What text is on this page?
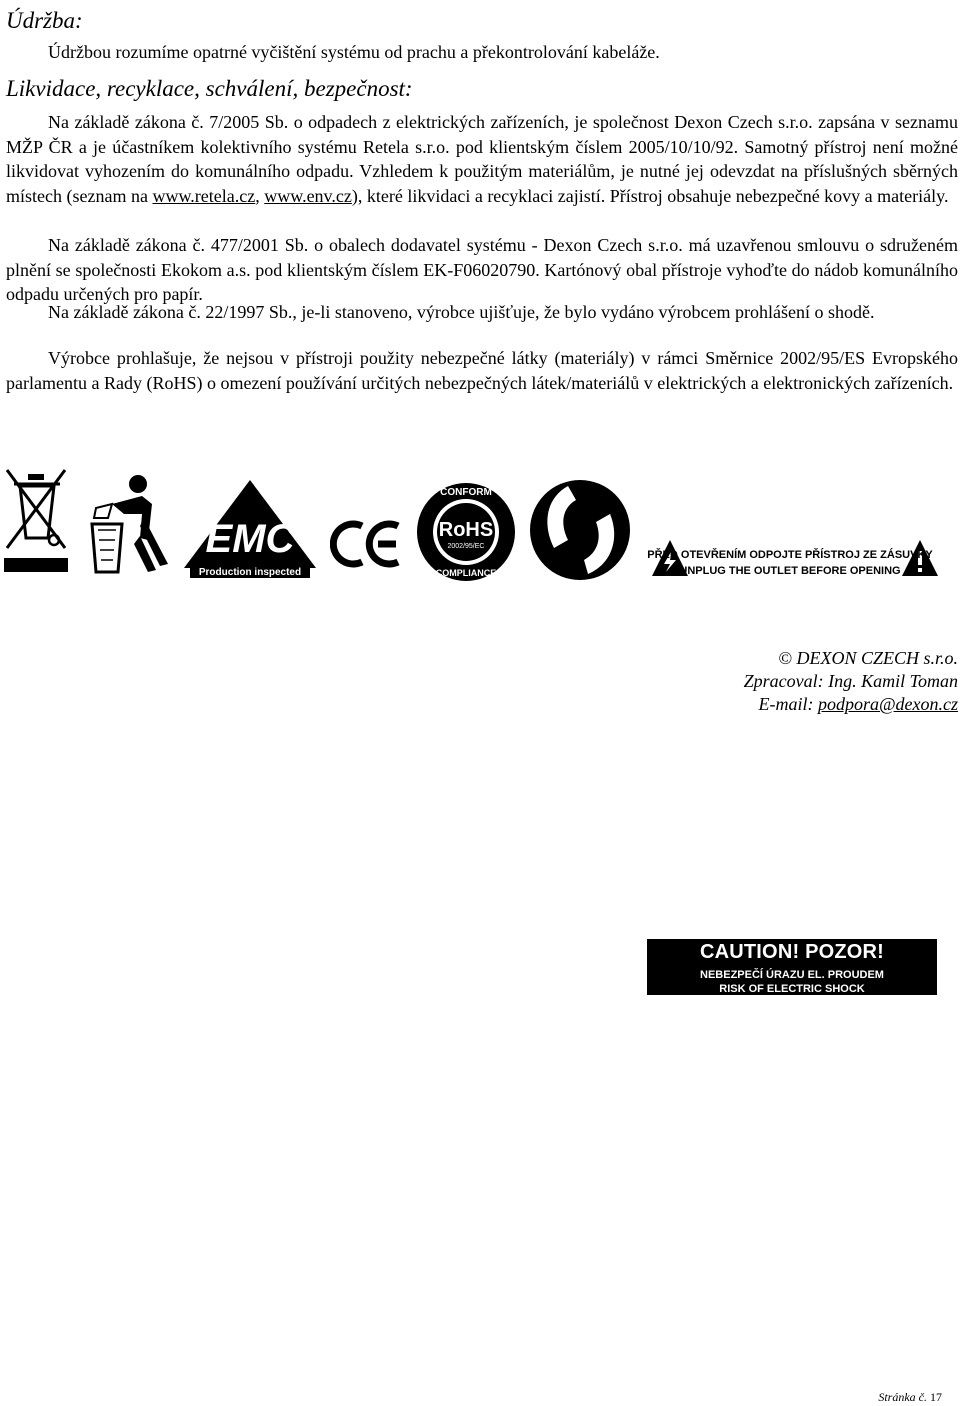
Údržba:

Údržbou rozumíme opatrné vyčištění systému od prachu a překontrolování kabeláže.

Likvidace, recyklace, schválení, bezpečnost:

Na základě zákona č. 7/2005 Sb. o odpadech z elektrických zařízeních, je společnost Dexon Czech s.r.o. zapsána v seznamu MŽP ČR a je účastníkem kolektivního systému Retela s.r.o. pod klientským číslem 2005/10/10/92. Samotný přístroj není možné likvidovat vyhozením do komunálního odpadu. Vzhledem k použitým materiálům, je nutné jej odevzdat na příslušných sběrných místech (seznam na www.retela.cz, www.env.cz), které likvidaci a recyklaci zajistí. Přístroj obsahuje nebezpečné kovy a materiály.

Na základě zákona č. 477/2001 Sb. o obalech dodavatel systému - Dexon Czech s.r.o. má uzavřenou smlouvu o sdruženém plnění se společnosti Ekokom a.s. pod klientským číslem EK-F06020790. Kartónový obal přístroje vyhoďte do nádob komunálního odpadu určených pro papír.

Na základě zákona č. 22/1997 Sb., je-li stanoveno, výrobce ujišťuje, že bylo vydáno výrobcem prohlášení o shodě.

Výrobce prohlašuje, že nejsou v přístroji použity nebezpečné látky (materiály) v rámci Směrnice 2002/95/ES Evropského parlamentu a Rady (RoHS) o omezení používání určitých nebezpečných látek/materiálů v elektrických a elektronických zařízeních.

EMC
Production inspected
RoHS
2002/95/EC
CONFORM
COMPLIANCE
CAUTION! POZOR!
NEBEZPEČÍ ÚRAZU EL. PROUDEM
RISK OF ELECTRIC SHOCK
PŘED OTEVŘENÍM ODPOJTE PŘÍSTROJ ZE ZÁSUVKY
UNPLUG THE OUTLET BEFORE OPENING

© DEXON CZECH s.r.o.

Zpracoval: Ing. Kamil Toman

E-mail: podpora@dexon.cz

Stránka č. 17
